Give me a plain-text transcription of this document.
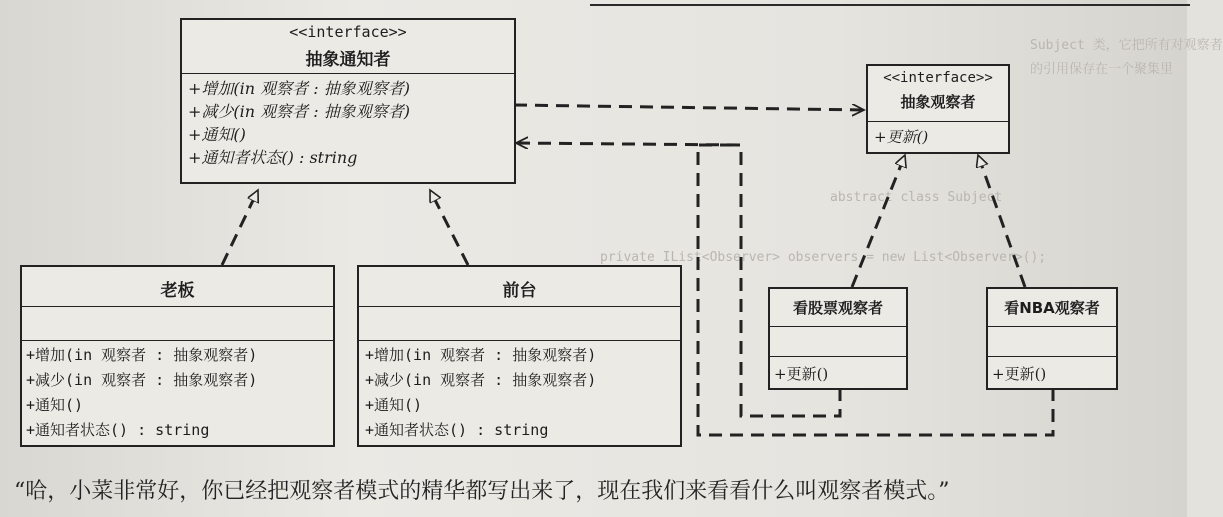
Subject 类，它把所有对观察者
的引用保存在一个聚集里
abstract class Subject
private IList<Observer> observers = new List<Observer>();
<<interface>>
抽象通知者
+增加(in 观察者 : 抽象观察者)
+减少(in 观察者 : 抽象观察者)
+通知()
+通知者状态() : string
<<interface>>
抽象观察者
+更新()
老板
+增加(in 观察者 : 抽象观察者)
+减少(in 观察者 : 抽象观察者)
+通知()
+通知者状态() : string
前台
+增加(in 观察者 : 抽象观察者)
+减少(in 观察者 : 抽象观察者)
+通知()
+通知者状态() : string
看股票观察者
+更新()
看NBA观察者
+更新()
“哈，小菜非常好，你已经把观察者模式的精华都写出来了，现在我们来看看什么叫观察者模式。”
